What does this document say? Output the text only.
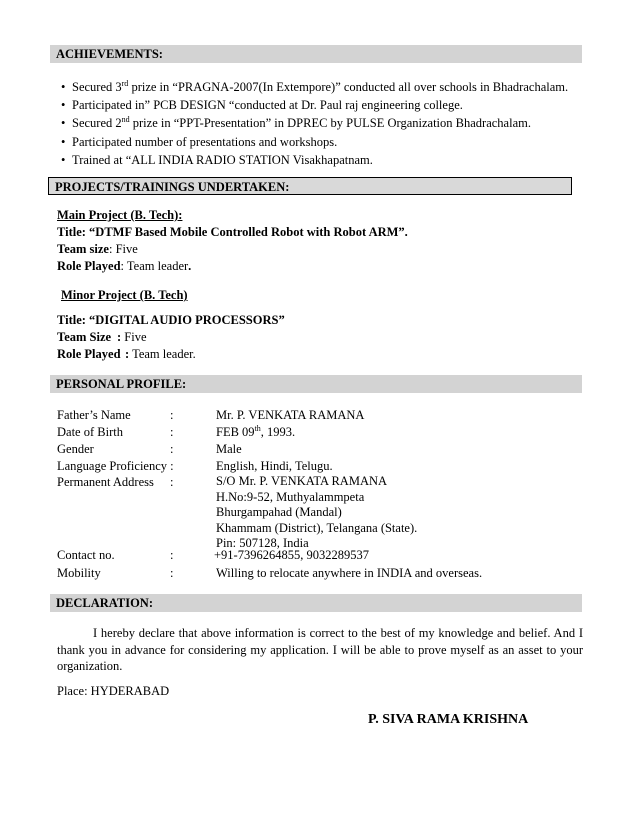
ACHIEVEMENTS:
• Secured 3rd prize in “PRAGNA-2007(In Extempore)” conducted all over schools in Bhadrachalam.
• Participated in” PCB DESIGN “conducted at Dr. Paul raj engineering college.
• Secured 2nd prize in “PPT-Presentation” in DPREC by PULSE Organization Bhadrachalam.
• Participated number of presentations and workshops.
• Trained at “ALL INDIA RADIO STATION Visakhapatnam.
PROJECTS/TRAININGS UNDERTAKEN:
Main Project (B. Tech):
Title: “DTMF Based Mobile Controlled Robot with Robot ARM”.
Team size: Five
Role Played: Team leader.
Minor Project (B. Tech)
Title: “DIGITAL AUDIO PROCESSORS”
Team Size : Five
Role Played : Team leader.
PERSONAL PROFILE:
Father’s Name	:	Mr. P. VENKATA RAMANA
Date of Birth	:	FEB 09th, 1993.
Gender	:	Male
Language Proficiency :	English, Hindi, Telugu.
Permanent Address :	S/O Mr. P. VENKATA RAMANA
H.No:9-52, Muthyalammpeta
Bhurgampahad (Mandal)
Khammam (District), Telangana (State).
Pin: 507128, India
Contact no.	:	+91-7396264855, 9032289537
Mobility	:	Willing to relocate anywhere in INDIA and overseas.
DECLARATION:

I hereby declare that above information is correct to the best of my knowledge and belief. And I thank you in advance for considering my application. I will be able to prove myself as an asset to your organization.

Place: HYDERABAD
P. SIVA RAMA KRISHNA
